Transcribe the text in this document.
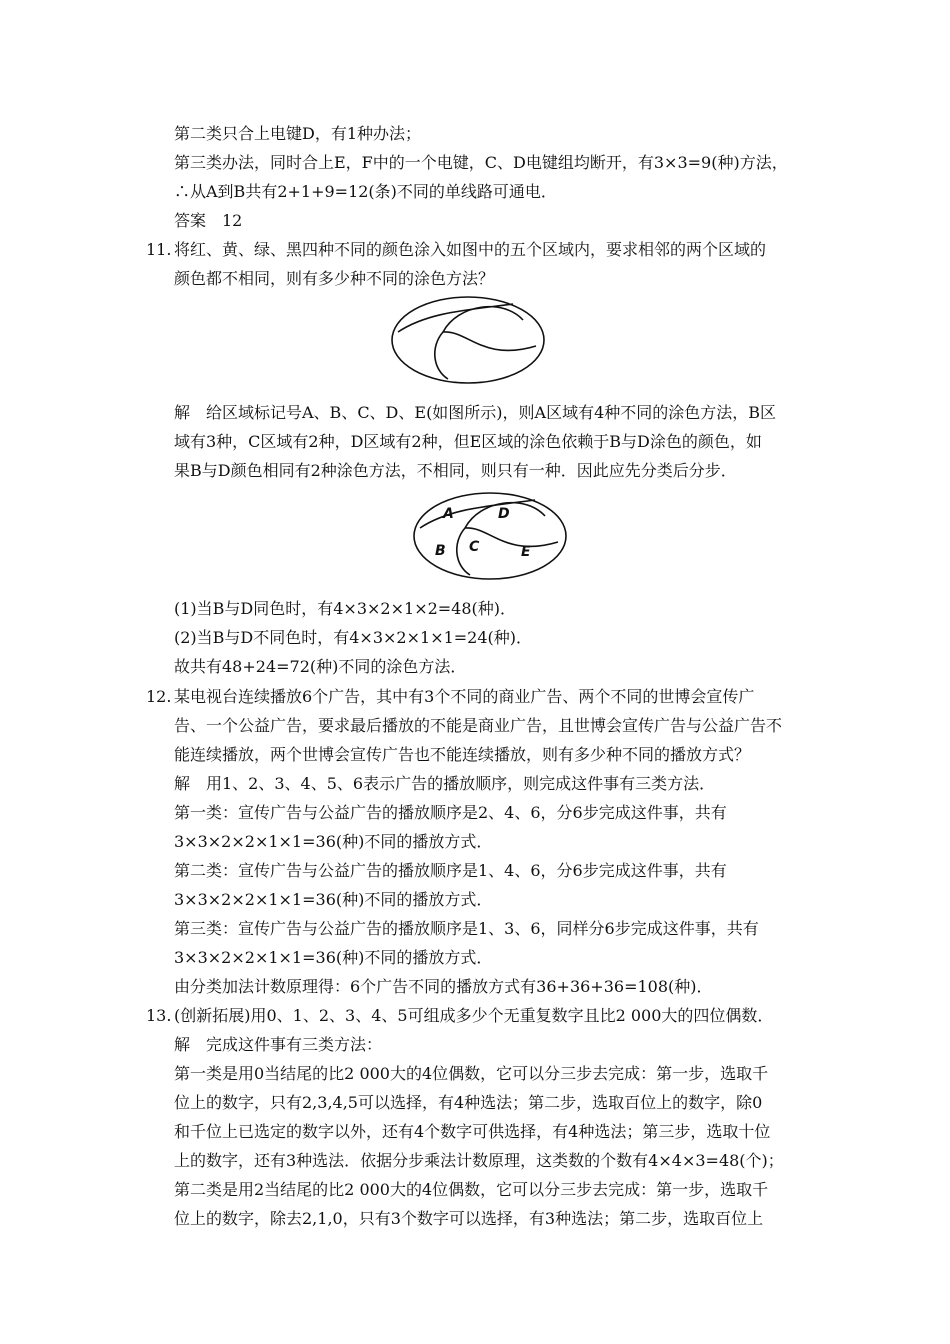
第二类只合上电键D，有1种办法；
第三类办法，同时合上E，F中的一个电键，C、D电键组均断开，有3×3=9(种)方法，
∴从A到B共有2+1+9=12(条)不同的单线路可通电．
答案　12
11. 将红、黄、绿、黑四种不同的颜色涂入如图中的五个区域内，要求相邻的两个区域的
颜色都不相同，则有多少种不同的涂色方法？
解　给区域标记号A、B、C、D、E(如图所示)，则A区域有4种不同的涂色方法，B区
域有3种，C区域有2种，D区域有2种，但E区域的涂色依赖于B与D涂色的颜色，如
果B与D颜色相同有2种涂色方法，不相同，则只有一种．因此应先分类后分步．
A	D
B C	E
(1)当B与D同色时，有4×3×2×1×2=48(种)．
(2)当B与D不同色时，有4×3×2×1×1=24(种)．
故共有48+24=72(种)不同的涂色方法．
12. 某电视台连续播放6个广告，其中有3个不同的商业广告、两个不同的世博会宣传广
告、一个公益广告，要求最后播放的不能是商业广告，且世博会宣传广告与公益广告不
能连续播放，两个世博会宣传广告也不能连续播放，则有多少种不同的播放方式？
解　用1、2、3、4、5、6表示广告的播放顺序，则完成这件事有三类方法．
第一类：宣传广告与公益广告的播放顺序是2、4、6，分6步完成这件事，共有
3×3×2×2×1×1=36(种)不同的播放方式．
第二类：宣传广告与公益广告的播放顺序是1、4、6，分6步完成这件事，共有
3×3×2×2×1×1=36(种)不同的播放方式．
第三类：宣传广告与公益广告的播放顺序是1、3、6，同样分6步完成这件事，共有
3×3×2×2×1×1=36(种)不同的播放方式．
由分类加法计数原理得：6个广告不同的播放方式有36+36+36=108(种)．
13. (创新拓展)用0、1、2、3、4、5可组成多少个无重复数字且比2 000大的四位偶数．
解　完成这件事有三类方法：
第一类是用0当结尾的比2 000大的4位偶数，它可以分三步去完成：第一步，选取千
位上的数字，只有2,3,4,5可以选择，有4种选法；第二步，选取百位上的数字，除0
和千位上已选定的数字以外，还有4个数字可供选择，有4种选法；第三步，选取十位
上的数字，还有3种选法．依据分步乘法计数原理，这类数的个数有4×4×3=48(个)；
第二类是用2当结尾的比2 000大的4位偶数，它可以分三步去完成：第一步，选取千
位上的数字，除去2,1,0，只有3个数字可以选择，有3种选法；第二步，选取百位上
